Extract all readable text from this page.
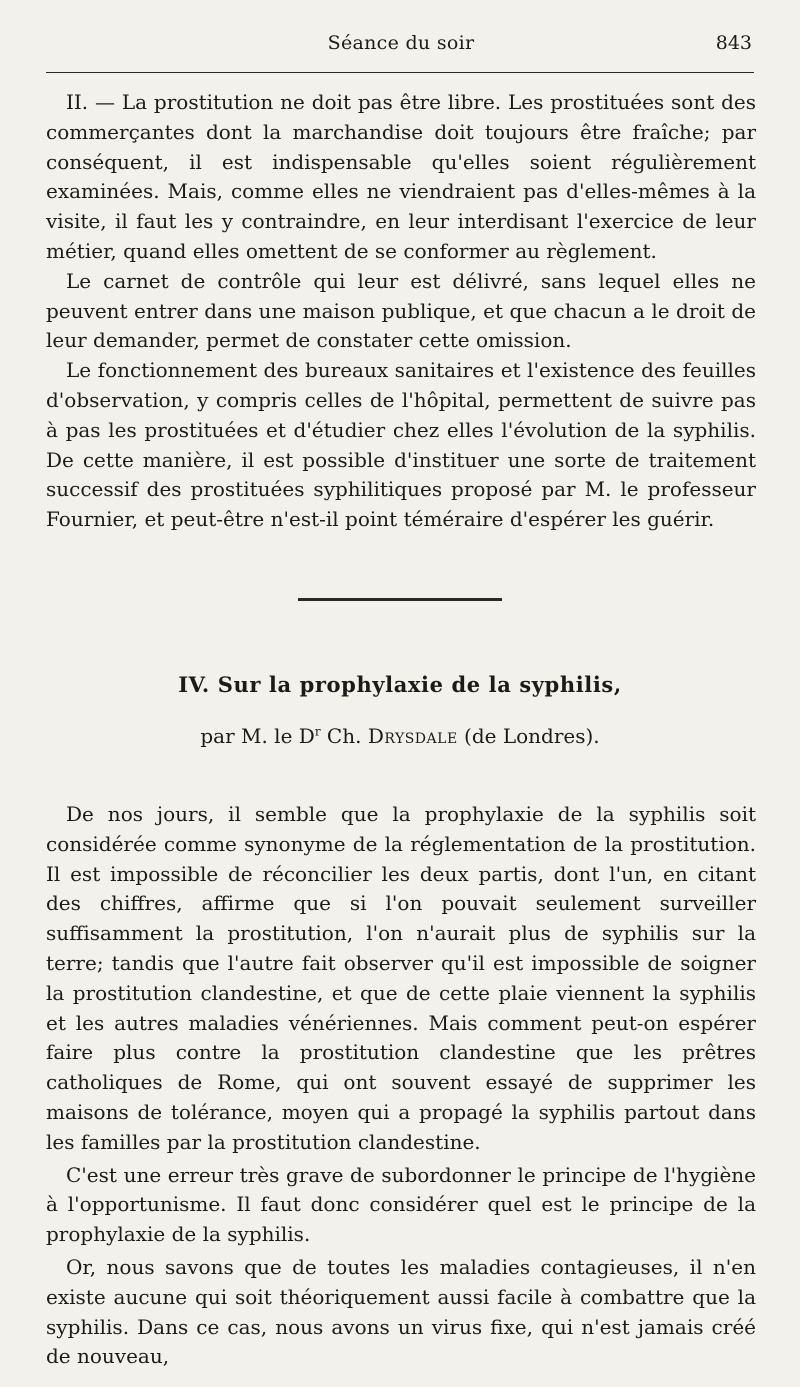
Séance du soir	843

II. — La prostitution ne doit pas être libre. Les prostituées sont des commerçantes dont la marchandise doit toujours être fraîche; par conséquent, il est indispensable qu'elles soient régulièrement examinées. Mais, comme elles ne viendraient pas d'elles-mêmes à la visite, il faut les y contraindre, en leur interdisant l'exercice de leur métier, quand elles omettent de se conformer au règlement.

Le carnet de contrôle qui leur est délivré, sans lequel elles ne peuvent entrer dans une maison publique, et que chacun a le droit de leur demander, permet de constater cette omission.

Le fonctionnement des bureaux sanitaires et l'existence des feuilles d'observation, y compris celles de l'hôpital, permettent de suivre pas à pas les prostituées et d'étudier chez elles l'évolution de la syphilis. De cette manière, il est possible d'instituer une sorte de traitement successif des prostituées syphilitiques proposé par M. le professeur Fournier, et peut-être n'est-il point téméraire d'espérer les guérir.

IV. Sur la prophylaxie de la syphilis,
par M. le $D^r$ Ch. Drysdale (de Londres).

De nos jours, il semble que la prophylaxie de la syphilis soit considérée comme synonyme de la réglementation de la prostitution. Il est impossible de réconcilier les deux partis, dont l'un, en citant des chiffres, affirme que si l'on pouvait seulement surveiller suffisamment la prostitution, l'on n'aurait plus de syphilis sur la terre; tandis que l'autre fait observer qu'il est impossible de soigner la prostitution clandestine, et que de cette plaie viennent la syphilis et les autres maladies vénériennes. Mais comment peut-on espérer faire plus contre la prostitution clandestine que les prêtres catholiques de Rome, qui ont souvent essayé de supprimer les maisons de tolérance, moyen qui a propagé la syphilis partout dans les familles par la prostitution clandestine.

C'est une erreur très grave de subordonner le principe de l'hygiène à l'opportunisme. Il faut donc considérer quel est le principe de la prophylaxie de la syphilis.

Or, nous savons que de toutes les maladies contagieuses, il n'en existe aucune qui soit théoriquement aussi facile à combattre que la syphilis. Dans ce cas, nous avons un virus fixe, qui n'est jamais créé de nouveau,
